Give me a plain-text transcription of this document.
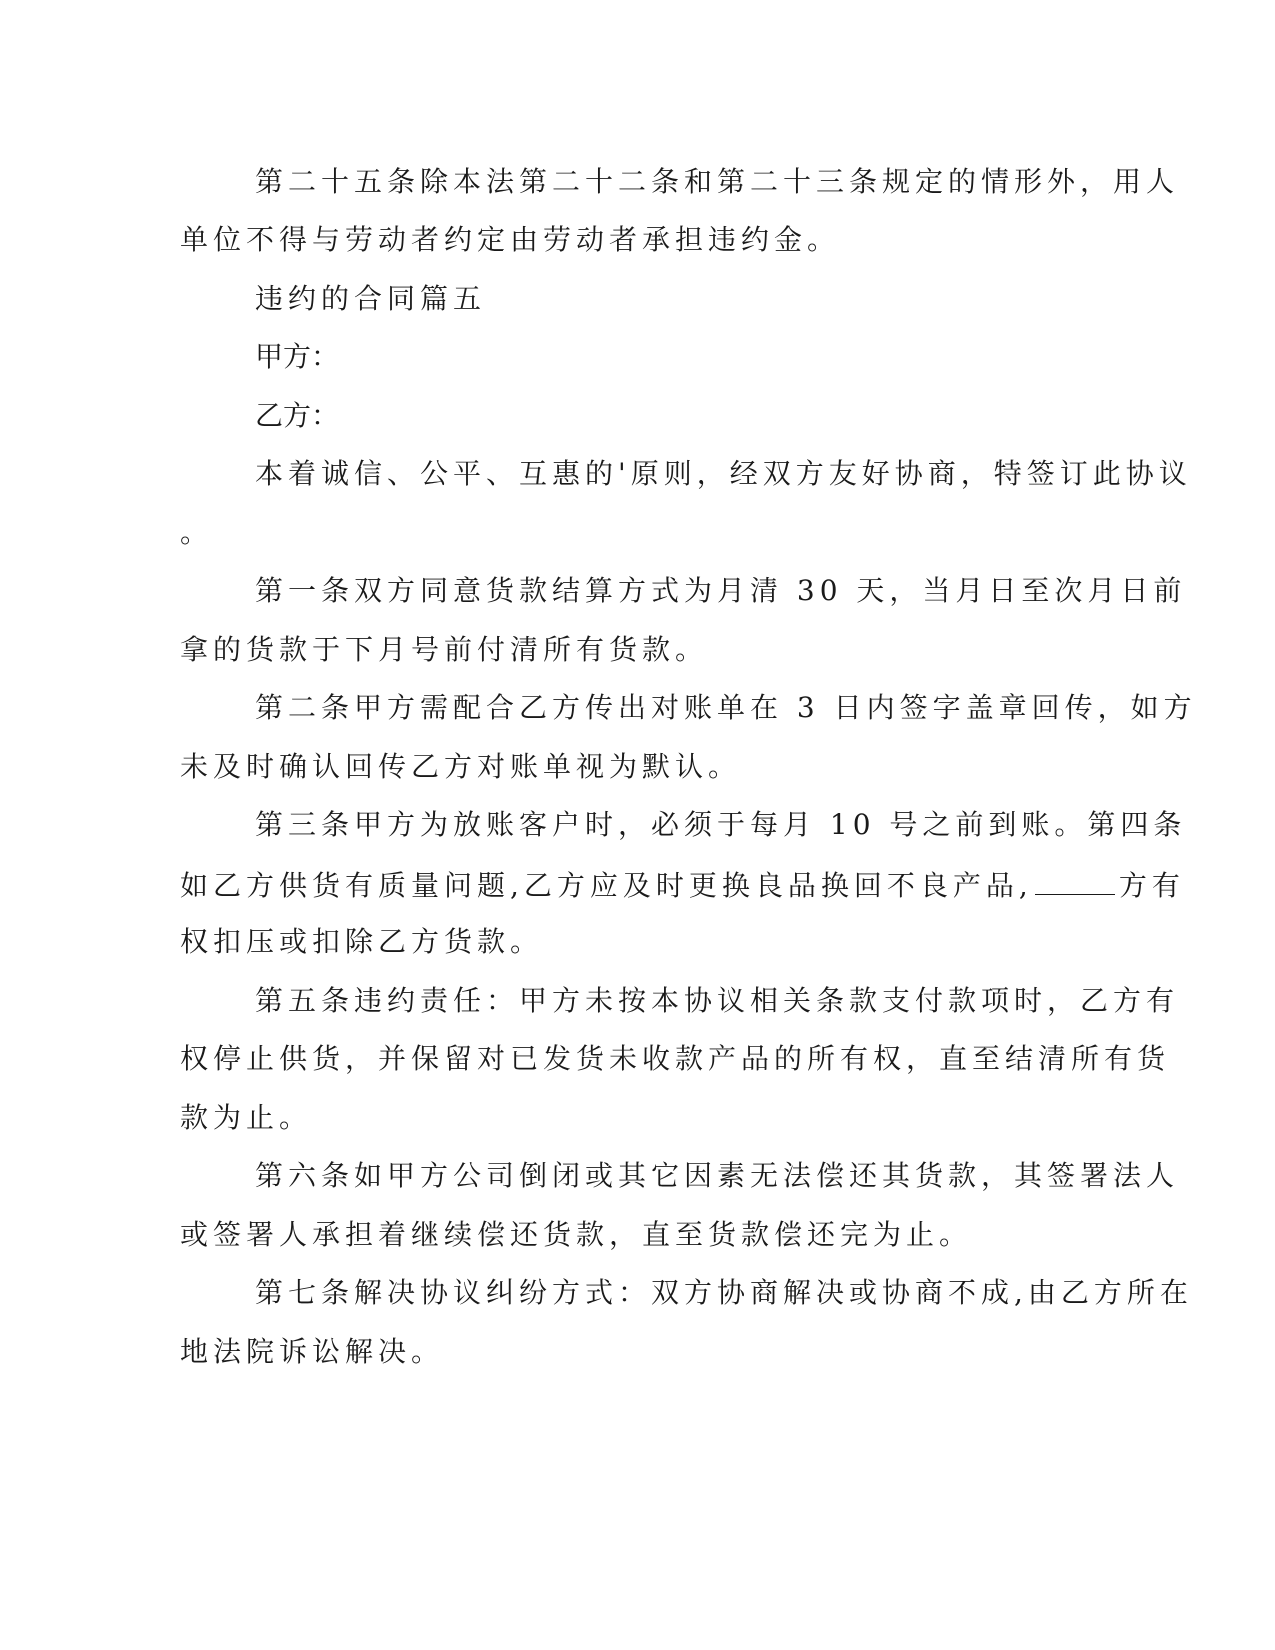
第二十五条除本法第二十二条和第二十三条规定的情形外，用人
单位不得与劳动者约定由劳动者承担违约金。
违约的合同篇五
甲方：
乙方：
本着诚信、公平、互惠的'原则，经双方友好协商，特签订此协议
。
第一条双方同意货款结算方式为月清 30 天，当月日至次月日前
拿的货款于下月号前付清所有货款。
第二条甲方需配合乙方传出对账单在 3 日内签字盖章回传，如方
未及时确认回传乙方对账单视为默认。
第三条甲方为放账客户时，必须于每月 10 号之前到账。第四条
如乙方供货有质量问题,乙方应及时更换良品换回不良产品,	方有
权扣压或扣除乙方货款。
第五条违约责任：甲方未按本协议相关条款支付款项时，乙方有
权停止供货，并保留对已发货未收款产品的所有权，直至结清所有货
款为止。
第六条如甲方公司倒闭或其它因素无法偿还其货款，其签署法人
或签署人承担着继续偿还货款，直至货款偿还完为止。
第七条解决协议纠纷方式：双方协商解决或协商不成,由乙方所在
地法院诉讼解决。
